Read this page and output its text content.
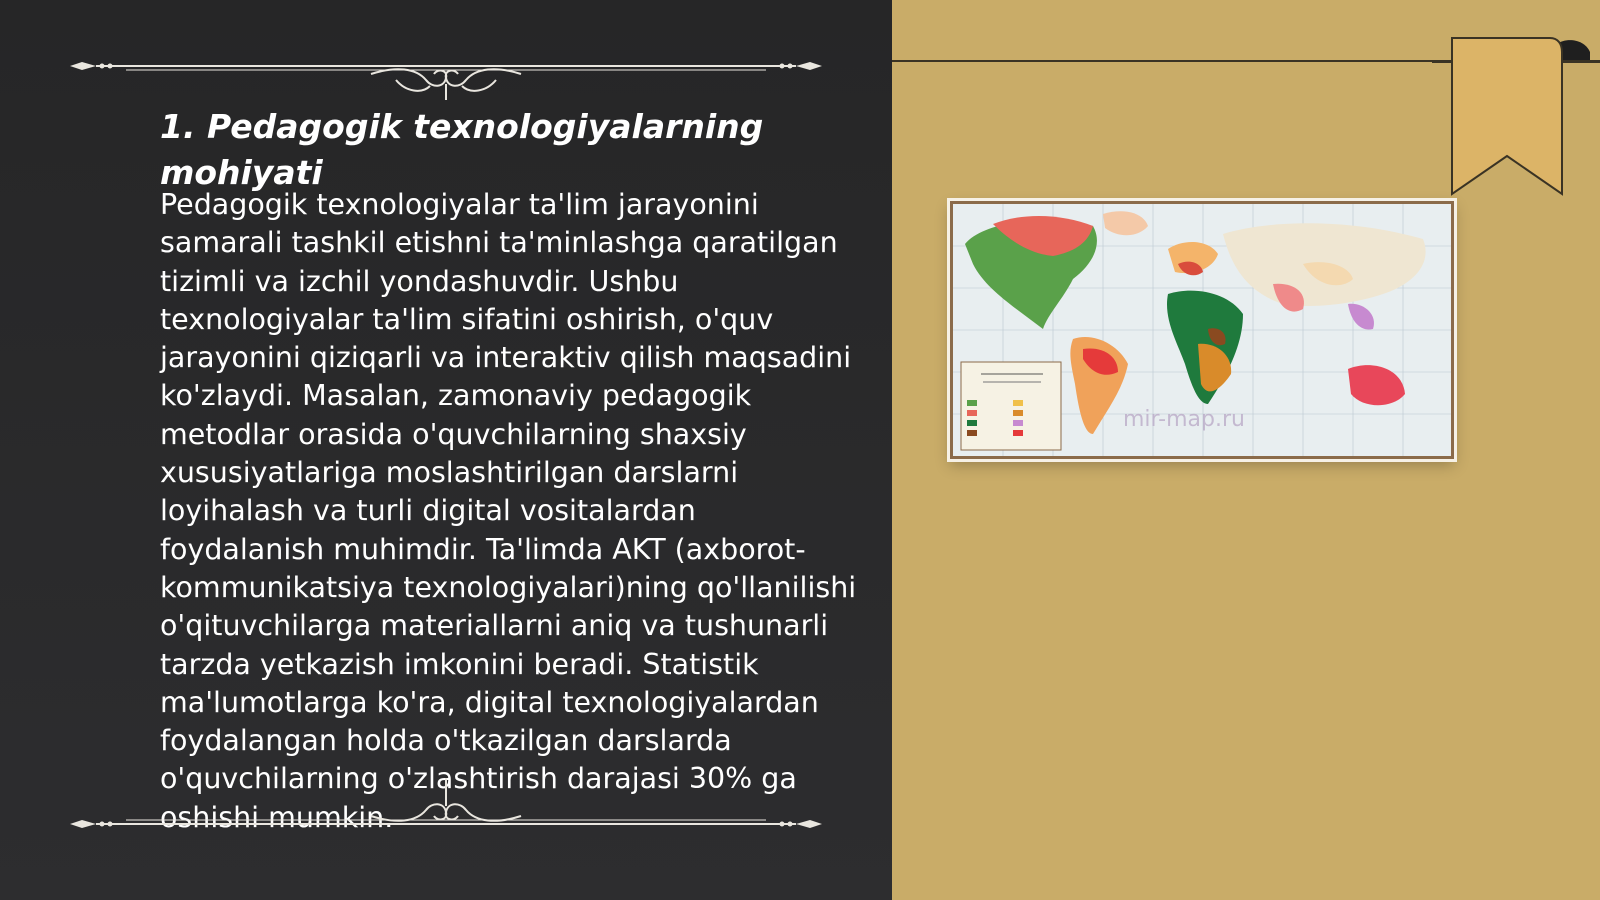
1. Pedagogik texnologiyalarning mohiyati

Pedagogik texnologiyalar ta'lim jarayonini samarali tashkil etishni ta'minlashga qaratilgan tizimli va izchil yondashuvdir. Ushbu texnologiyalar ta'lim sifatini oshirish, o'quv jarayonini qiziqarli va interaktiv qilish maqsadini ko'zlaydi. Masalan, zamonaviy pedagogik metodlar orasida o'quvchilarning shaxsiy xususiyatlariga moslashtirilgan darslarni loyihalash va turli digital vositalardan foydalanish muhimdir. Ta'limda AKT (axborot-kommunikatsiya texnologiyalari)ning qo'llanilishi o'qituvchilarga materiallarni aniq va tushunarli tarzda yetkazish imkonini beradi. Statistik ma'lumotlarga ko'ra, digital texnologiyalardan foydalangan holda o'tkazilgan darslarda o'quvchilarning o'zlashtirish darajasi 30% ga oshishi mumkin.

mir-map.ru
